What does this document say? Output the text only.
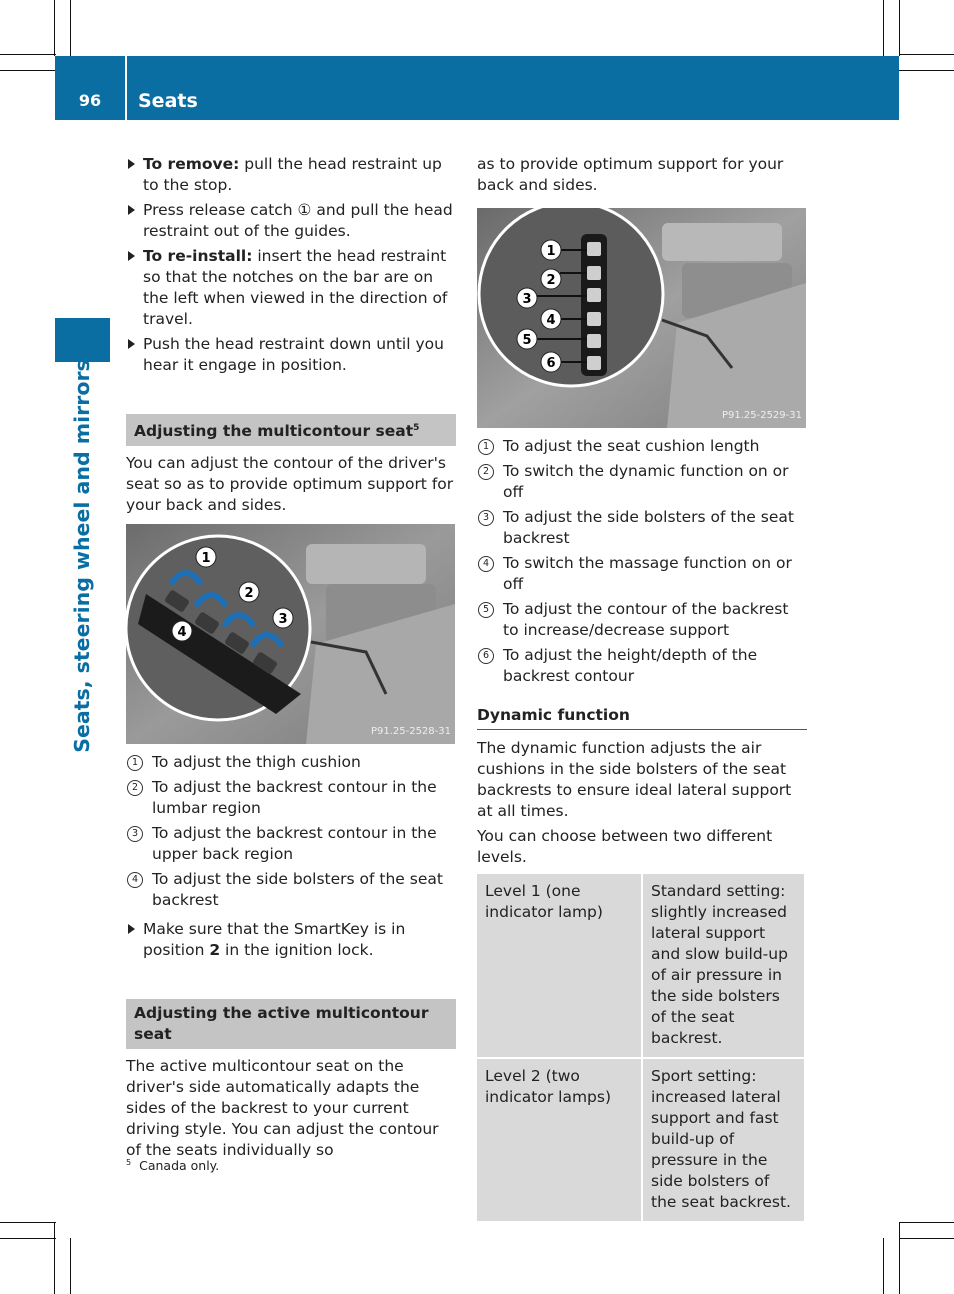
96	Seats
Seats, steering wheel and mirrors
To remove: pull the head restraint up to the stop.
Press release catch ① and pull the head restraint out of the guides.
To re-install: insert the head restraint so that the notches on the bar are on the left when viewed in the direction of travel.
Push the head restraint down until you hear it engage in position.
Adjusting the multicontour seat$^5$

You can adjust the contour of the driver's seat so as to provide optimum support for your back and sides.

1
2
3
4
P91.25-2528-31
1 To adjust the thigh cushion
2 To adjust the backrest contour in the lumbar region
3 To adjust the backrest contour in the upper back region
4 To adjust the side bolsters of the seat backrest
Make sure that the SmartKey is in position 2 in the ignition lock.
Adjusting the active multicontour seat

The active multicontour seat on the driver's side automatically adapts the sides of the backrest to your current driving style. You can adjust the contour of the seats individually so

as to provide optimum support for your back and sides.

1
2
3
4
5
6
P91.25-2529-31
1 To adjust the seat cushion length
2 To switch the dynamic function on or off
3 To adjust the side bolsters of the seat backrest
4 To switch the massage function on or off
5 To adjust the contour of the backrest to increase/decrease support
6 To adjust the height/depth of the backrest contour
Dynamic function

The dynamic function adjusts the air cushions in the side bolsters of the seat backrests to ensure ideal lateral support at all times.

You can choose between two different levels.

Level 1 (one indicator lamp)	Standard setting: slightly increased lateral support and slow build-up of air pressure in the side bolsters of the seat backrest.
Level 2 (two indicator lamps)	Sport setting: increased lateral support and fast build-up of pressure in the side bolsters of the seat backrest.
$^5$ Canada only.
